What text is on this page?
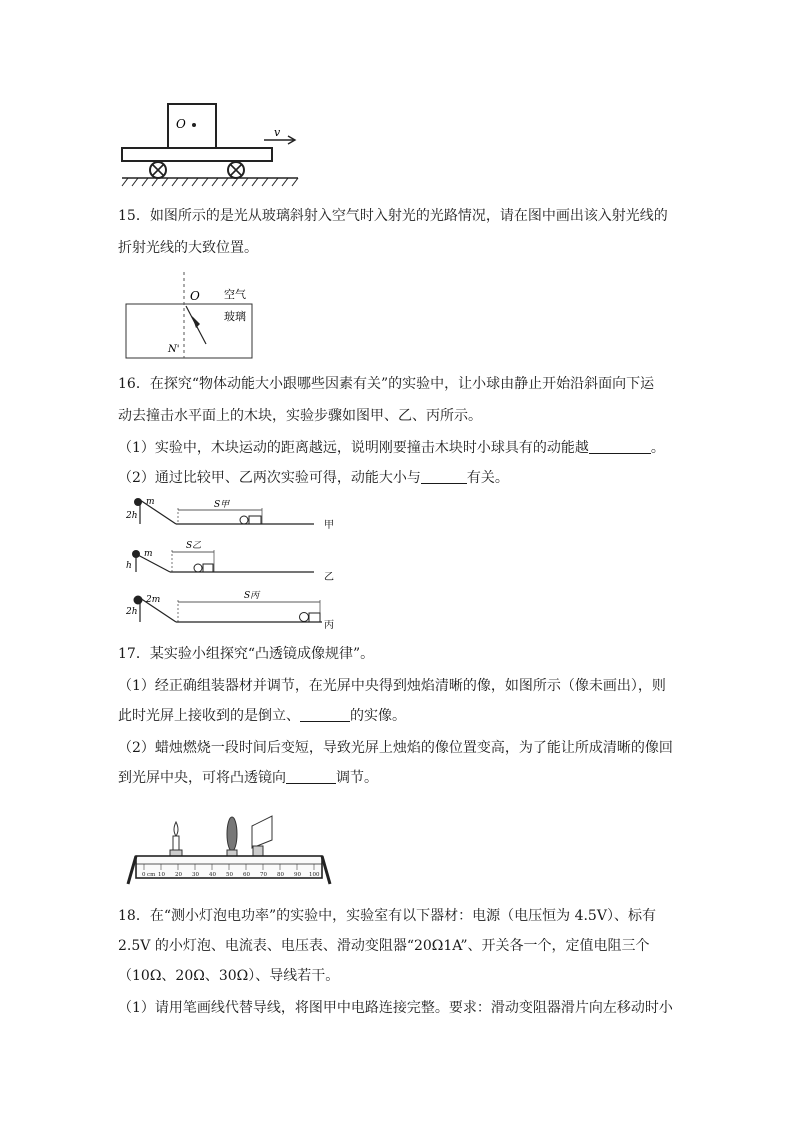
O
v
15．如图所示的是光从玻璃斜射入空气时入射光的光路情况，请在图中画出该入射光线的
折射光线的大致位置。
O
N'
空气
玻璃
16．在探究“物体动能大小跟哪些因素有关”的实验中，让小球由静止开始沿斜面向下运
动去撞击水平面上的木块，实验步骤如图甲、乙、丙所示。
（1）实验中，木块运动的距离越远，说明刚要撞击木块时小球具有的动能越	。
（2）通过比较甲、乙两次实验可得，动能大小与	有关。
m
2h
S甲
甲
m
h
S乙
乙
2m
2h
S丙
丙
17．某实验小组探究“凸透镜成像规律”。
（1）经正确组装器材并调节，在光屏中央得到烛焰清晰的像，如图所示（像未画出），则
此时光屏上接收到的是倒立、	的实像。
（2）蜡烛燃烧一段时间后变短，导致光屏上烛焰的像位置变高，为了能让所成清晰的像回
到光屏中央，可将凸透镜向	调节。
0 cm 10 20 30 40 50 60 70 80 90 100
18．在“测小灯泡电功率”的实验中，实验室有以下器材：电源（电压恒为 4.5V）、标有
2.5V 的小灯泡、电流表、电压表、滑动变阻器“20Ω1A”、开关各一个，定值电阻三个
（10Ω、20Ω、30Ω）、导线若干。
（1）请用笔画线代替导线，将图甲中电路连接完整。要求：滑动变阻器滑片向左移动时小
